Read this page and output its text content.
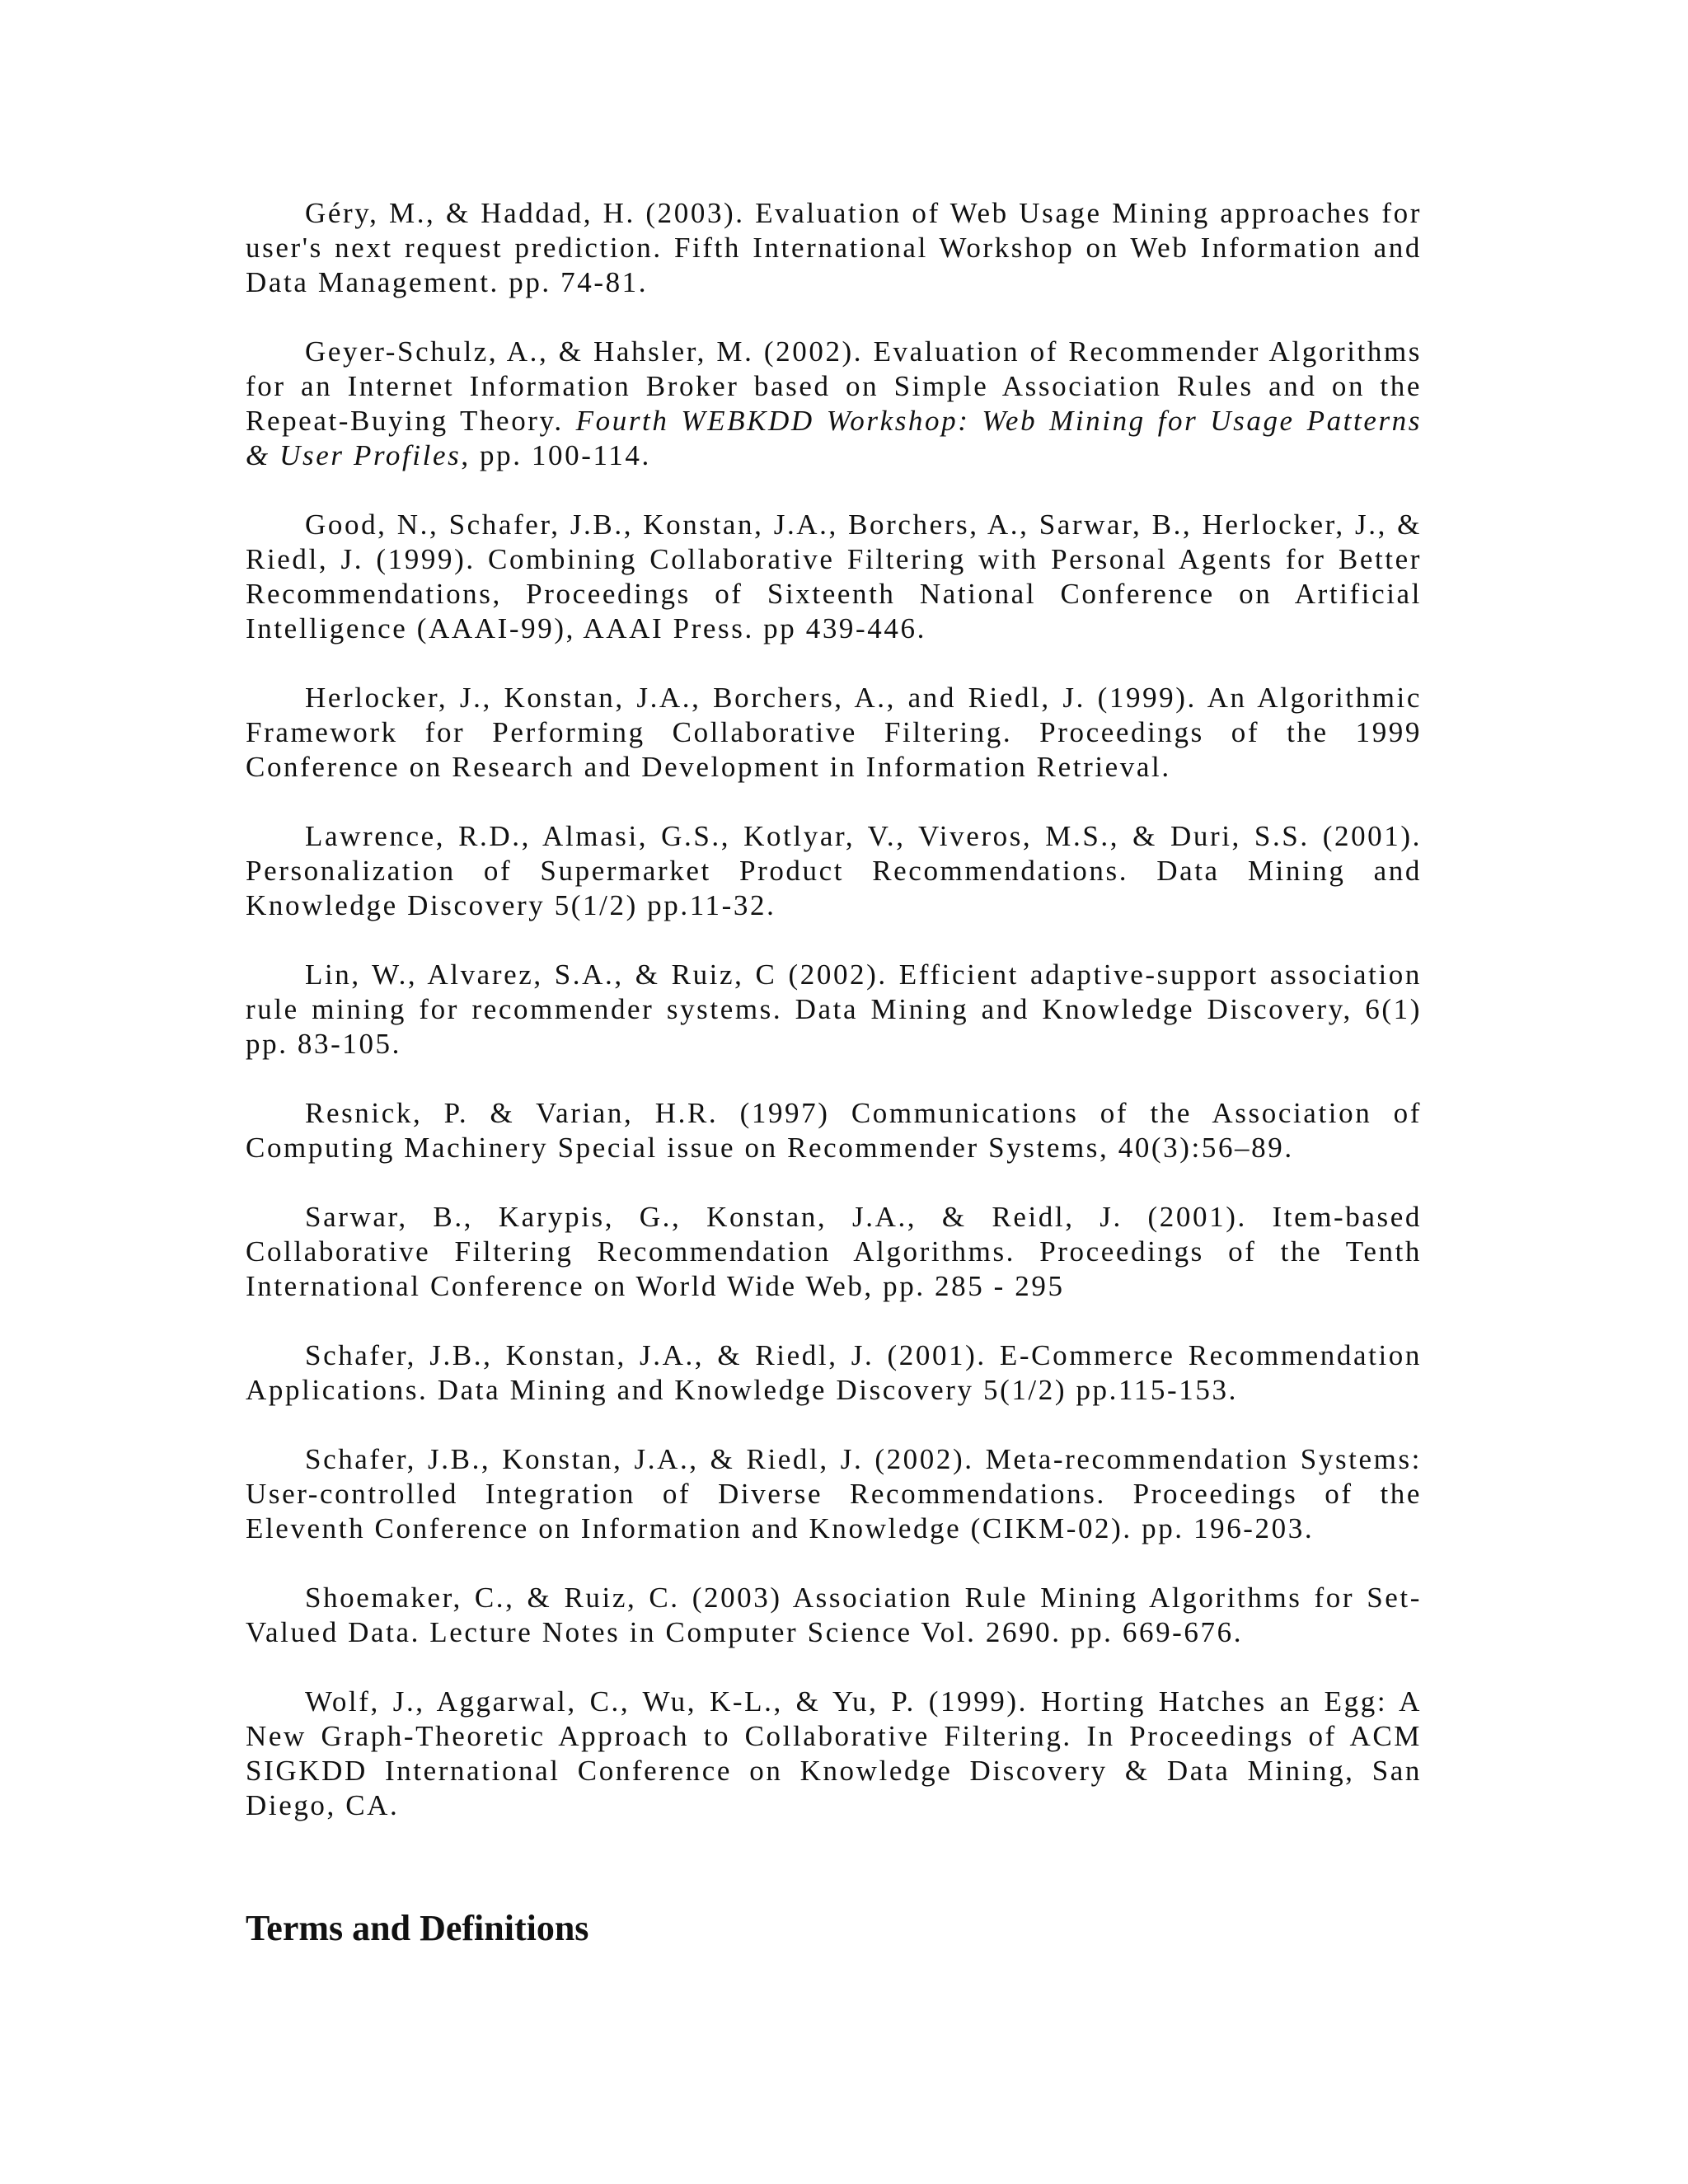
Géry, M., & Haddad, H. (2003). Evaluation of Web Usage Mining approaches for user's next request prediction. Fifth International Workshop on Web Information and Data Management. pp. 74-81.

Geyer-Schulz, A., & Hahsler, M. (2002). Evaluation of Recommender Algorithms for an Internet Information Broker based on Simple Association Rules and on the Repeat-Buying Theory. Fourth WEBKDD Workshop: Web Mining for Usage Patterns & User Profiles, pp. 100-114.

Good, N., Schafer, J.B., Konstan, J.A., Borchers, A., Sarwar, B., Herlocker, J., & Riedl, J. (1999). Combining Collaborative Filtering with Personal Agents for Better Recommendations, Proceedings of Sixteenth National Conference on Artificial Intelligence (AAAI-99), AAAI Press. pp 439-446.

Herlocker, J., Konstan, J.A., Borchers, A., and Riedl, J. (1999). An Algorithmic Framework for Performing Collaborative Filtering. Proceedings of the 1999 Conference on Research and Development in Information Retrieval.

Lawrence, R.D., Almasi, G.S., Kotlyar, V., Viveros, M.S., & Duri, S.S. (2001). Personalization of Supermarket Product Recommendations. Data Mining and Knowledge Discovery 5(1/2) pp.11-32.

Lin, W., Alvarez, S.A., & Ruiz, C (2002). Efficient adaptive-support association rule mining for recommender systems. Data Mining and Knowledge Discovery, 6(1) pp. 83-105.

Resnick, P. & Varian, H.R. (1997) Communications of the Association of Computing Machinery Special issue on Recommender Systems, 40(3):56–89.

Sarwar, B., Karypis, G., Konstan, J.A., & Reidl, J. (2001). Item-based Collaborative Filtering Recommendation Algorithms. Proceedings of the Tenth International Conference on World Wide Web, pp. 285 - 295

Schafer, J.B., Konstan, J.A., & Riedl, J. (2001). E-Commerce Recommendation Applications. Data Mining and Knowledge Discovery 5(1/2) pp.115-153.

Schafer, J.B., Konstan, J.A., & Riedl, J. (2002). Meta-recommendation Systems: User-controlled Integration of Diverse Recommendations. Proceedings of the Eleventh Conference on Information and Knowledge (CIKM-02). pp. 196-203.

Shoemaker, C., & Ruiz, C. (2003) Association Rule Mining Algorithms for Set-Valued Data. Lecture Notes in Computer Science Vol. 2690. pp. 669-676.

Wolf, J., Aggarwal, C., Wu, K-L., & Yu, P. (1999). Horting Hatches an Egg: A New Graph-Theoretic Approach to Collaborative Filtering. In Proceedings of ACM SIGKDD International Conference on Knowledge Discovery & Data Mining, San Diego, CA.

Terms and Definitions
